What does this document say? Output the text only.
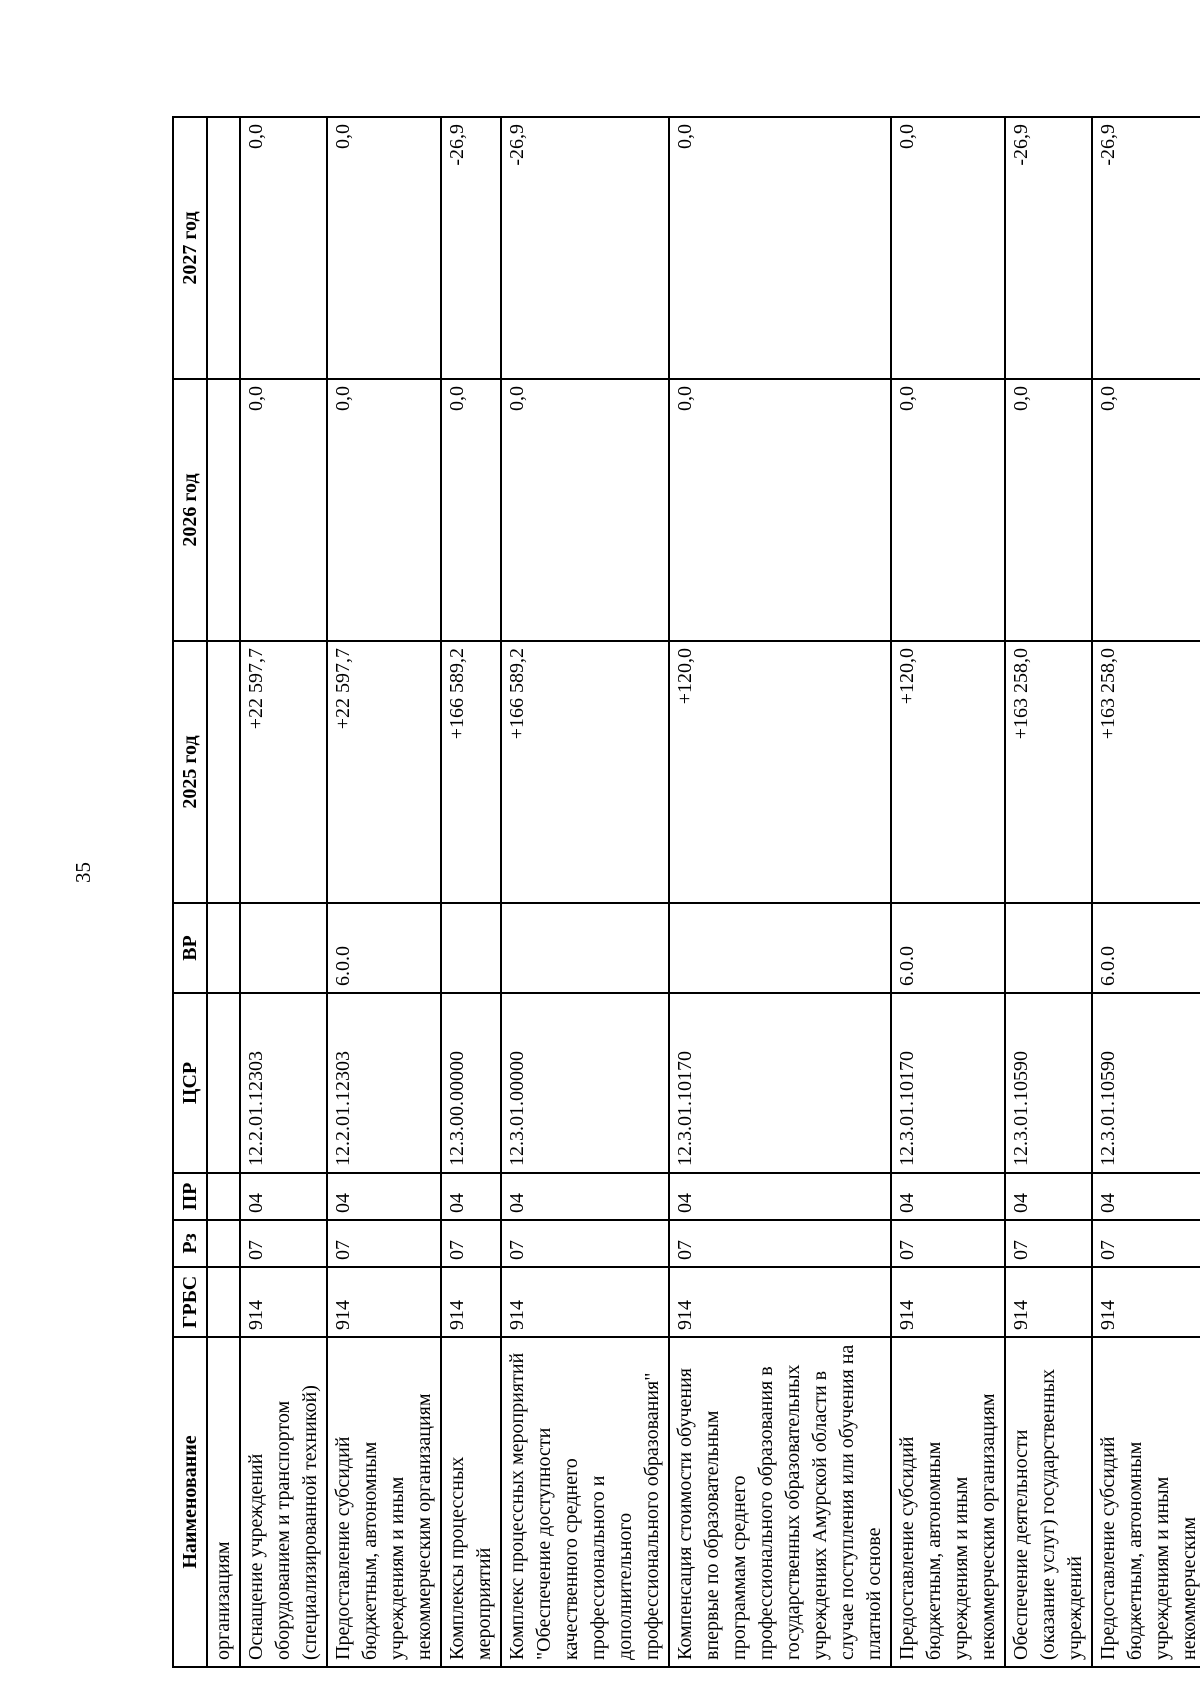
35
Наименование	ГРБС	Рз	ПР	ЦСР	ВР	2025 год	2026 год	2027 год
организациям								
Оснащение учреждений оборудованием и транспортом (специализированной техникой)	914	07	04	12.2.01.12303		+22 597,7	0,0	0,0
Предоставление субсидий бюджетным, автономным учреждениям и иным некоммерческим организациям	914	07	04	12.2.01.12303	6.0.0	+22 597,7	0,0	0,0
Комплексы процессных мероприятий	914	07	04	12.3.00.00000		+166 589,2	0,0	-26,9
Комплекс процессных мероприятий "Обеспечение доступности качественного среднего профессионального и дополнительного профессионального образования"	914	07	04	12.3.01.00000		+166 589,2	0,0	-26,9
Компенсация стоимости обучения впервые по образовательным программам среднего профессионального образования в государственных образовательных учреждениях Амурской области в случае поступления или обучения на платной основе	914	07	04	12.3.01.10170		+120,0	0,0	0,0
Предоставление субсидий бюджетным, автономным учреждениям и иным некоммерческим организациям	914	07	04	12.3.01.10170	6.0.0	+120,0	0,0	0,0
Обеспечение деятельности (оказание услуг) государственных учреждений	914	07	04	12.3.01.10590		+163 258,0	0,0	-26,9
Предоставление субсидий бюджетным, автономным учреждениям и иным некоммерческим	914	07	04	12.3.01.10590	6.0.0	+163 258,0	0,0	-26,9
